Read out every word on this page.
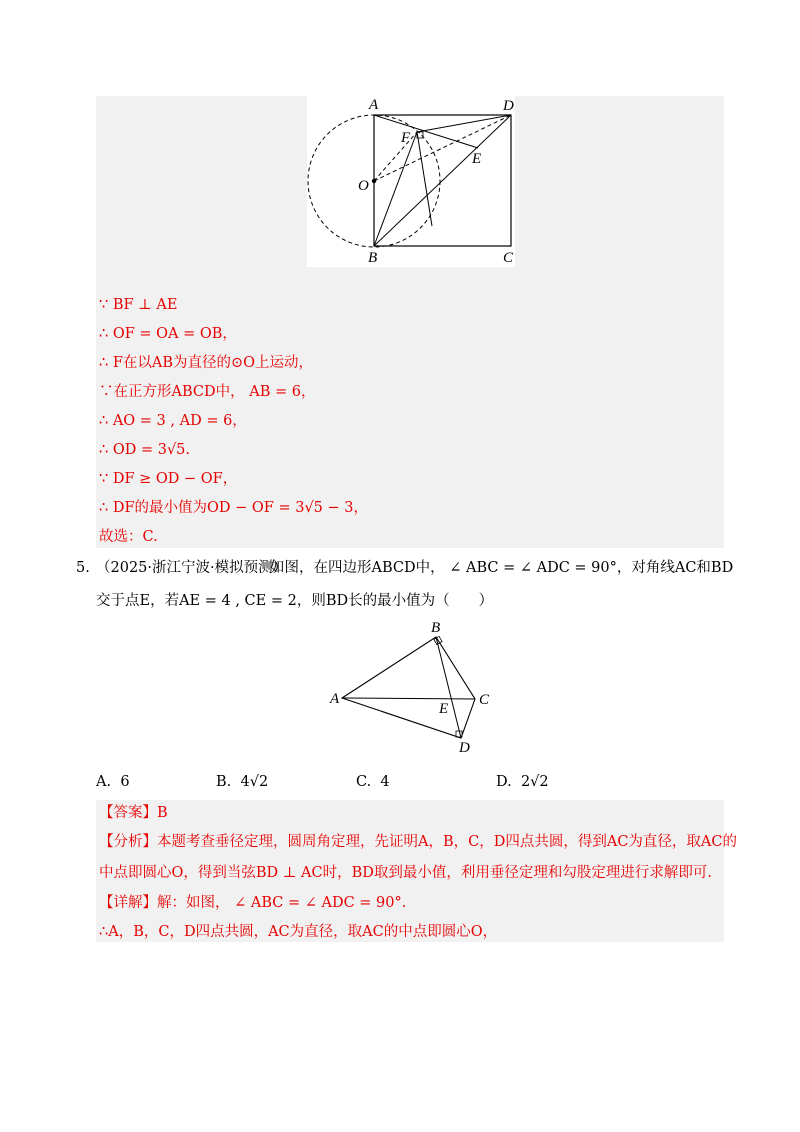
A	D
F
E
O
B	C
∵ BF ⊥ AE
∴ OF = OA = OB，
∴ F在以AB为直径的⊙O上运动，
∵在正方形ABCD中， AB = 6，
∴ AO = 3 , AD = 6，
∴ OD = 3√5.
∵ DF ≥ OD − OF，
∴ DF的最小值为OD − OF = 3√5 − 3，
故选：C.
5. （2025·浙江宁波·模拟预测）
如图，在四边形ABCD中， ∠ ABC = ∠ ADC = 90°，对角线AC和BD
交于点E，若AE = 4 , CE = 2，则BD长的最小值为（　　）
A
B
C
E
D
A. 6	B. 4√2	C. 4	D. 2√2
【答案】B
【分析】本题考查垂径定理，圆周角定理，先证明A，B，C，D四点共圆，得到AC为直径，取AC的
中点即圆心O，得到当弦BD ⊥ AC时，BD取到最小值，利用垂径定理和勾股定理进行求解即可.
【详解】解：如图， ∠ ABC = ∠ ADC = 90°.
∴A，B，C，D四点共圆，AC为直径，取AC的中点即圆心O，
